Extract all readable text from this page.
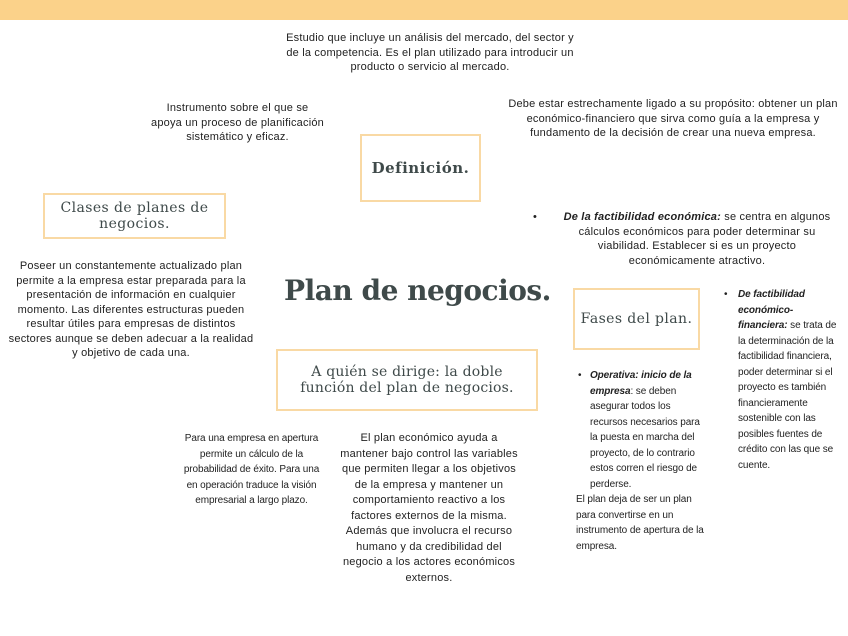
Estudio que incluye un análisis del mercado, del sector y de la competencia. Es el plan utilizado para introducir un producto o servicio al mercado.
Instrumento sobre el que se apoya un proceso de planificación sistemático y eficaz.
Debe estar estrechamente ligado a su propósito: obtener un plan económico-financiero que sirva como guía a la empresa y fundamento de la decisión de crear una nueva empresa.
Definición.
Clases de planes de negocios.
Poseer un constantemente actualizado plan permite a la empresa estar preparada para la presentación de información en cualquier momento. Las diferentes estructuras pueden resultar útiles para empresas de distintos sectores aunque se deben adecuar a la realidad y objetivo de cada una.
Plan de negocios.
A quién se dirige: la doble función del plan de negocios.
Fases del plan.
• De la factibilidad económica: se centra en algunos cálculos económicos para poder determinar su viabilidad. Establecer si es un proyecto económicamente atractivo.
• Operativa: inicio de la empresa: se deben asegurar todos los recursos necesarios para la puesta en marcha del proyecto, de lo contrario estos corren el riesgo de perderse.
El plan deja de ser un plan para convertirse en un instrumento de apertura de la empresa.
• De factibilidad económico-financiera: se trata de la determinación de la factibilidad financiera, poder determinar si el proyecto es también financieramente sostenible con las posibles fuentes de crédito con las que se cuente.
Para una empresa en apertura permite un cálculo de la probabilidad de éxito. Para una en operación traduce la visión empresarial a largo plazo.
El plan económico ayuda a mantener bajo control las variables que permiten llegar a los objetivos de la empresa y mantener un comportamiento reactivo a los factores externos de la misma. Además que involucra el recurso humano y da credibilidad del negocio a los actores económicos externos.
